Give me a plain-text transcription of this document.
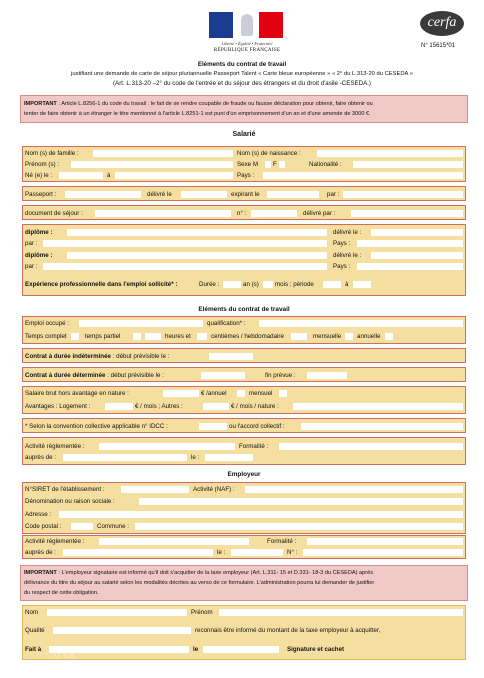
Liberté • Égalité • Fraternité
RÉPUBLIQUE FRANÇAISE
cerfa
N° 15615*01
Eléments du contrat de travail
justifiant une demande de carte de séjour pluriannuelle Passeport Talent « Carte bleue européenne » « 2° du L.313-20 du CESEDA »
(Art. L.313-20 –2° du code de l'entrée et du séjour des étrangers et du droit d'asile -CESEDA.)
IMPORTANT : Article L.8256-1 du code du travail : le fait de se rendre coupable de fraude ou fausse déclaration pour obtenir, faire obtenir ou
tenter de faire obtenir à un étranger le titre mentionné à l'article L.8251-1 est puni d'un emprisonnement d'un an et d'une amende de 3000 €.
Salarié
Nom (s) de famille :	Nom (s) de naissance :
Prénom (s) :	Sexe M F	Nationalité :
Né (e) le :	à	Pays :
Passeport :	délivré le	expirant le	par :
document de séjour :	n° :	délivré par :
diplôme :	délivré le :
par :	Pays :
diplôme :	délivré le :
par :	Pays :
Expérience professionnelle dans l'emploi sollicité* :	Durée :	an (s)	mois ; période	à
Eléments du contrat de travail
Emploi occupé :	qualification* :
Temps complet	temps partiel	heures et	centièmes / hebdomadaire	mensuelle	annuelle
Contrat à durée indéterminée : début prévisible le :
Contrat à durée déterminée : début prévisible le :	fin prévue :
Salaire brut hors avantage en nature :	€ /annuel	mensuel
Avantages : Logement :	€ / mois ; Autres :	€ / mois / nature :
* Selon la convention collective applicable n° IDCC :	ou l'accord collectif :
Activité réglementée :	Formalité :
auprès de :	le :
Employeur
N°SIRET de l'établissement :	Activité (NAF) :
Dénomination ou raison sociale :
Adresse :
Code postal :	Commune :
Activité réglementée :	Formalité :
auprès de :	le :	N° :
IMPORTANT : L'employeur signataire est informé qu'il doit s'acquitter de la taxe employeur (Art. L.311- 15 et D.331- 18-3 du CESEDA) après
délivrance du titre du séjour au salarié selon les modalités décrites au verso de ce formulaire. L'administration pourra lui demander de justifier
du respect de cette obligation.
Nom	Prénom
Qualité	reconnais être informé du montant de la taxe employeur à acquitter,
Fait à	le	Signature et cachet
一分钱
